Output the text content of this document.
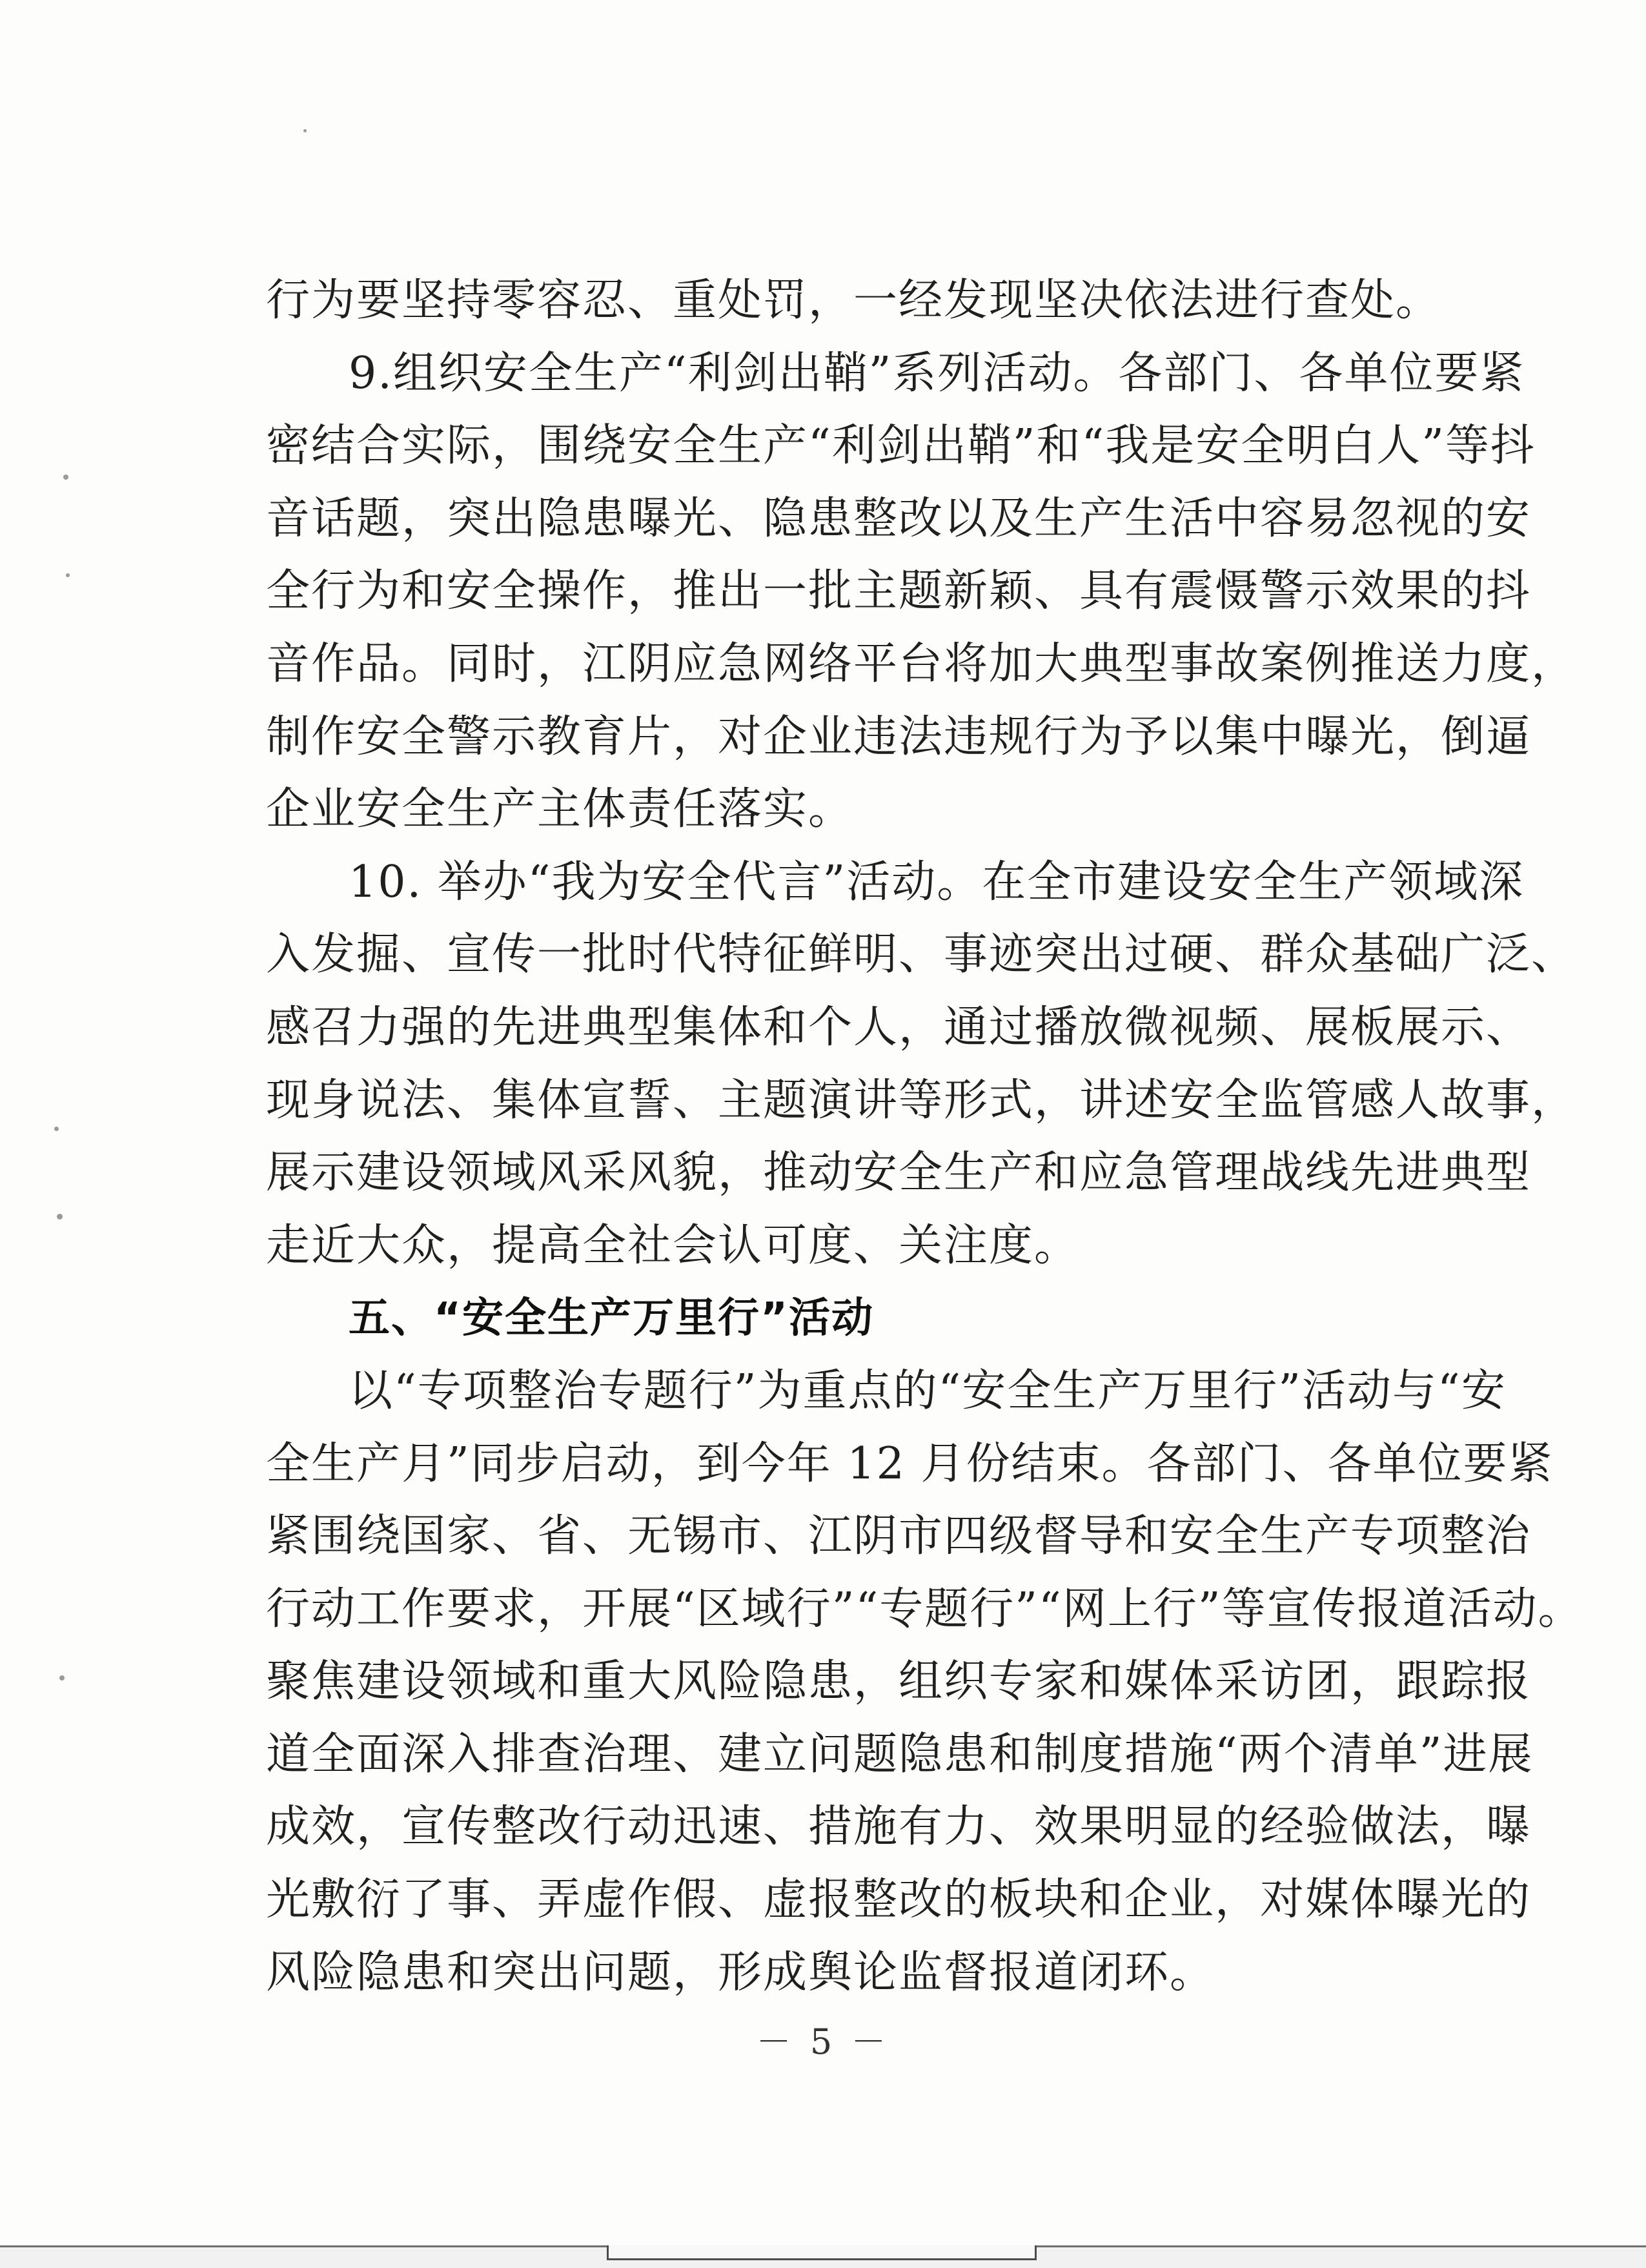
行为要坚持零容忍、重处罚，一经发现坚决依法进行查处。
9.组织安全生产“利剑出鞘”系列活动。各部门、各单位要紧
密结合实际，围绕安全生产“利剑出鞘”和“我是安全明白人”等抖
音话题，突出隐患曝光、隐患整改以及生产生活中容易忽视的安
全行为和安全操作，推出一批主题新颖、具有震慑警示效果的抖
音作品。同时，江阴应急网络平台将加大典型事故案例推送力度，
制作安全警示教育片，对企业违法违规行为予以集中曝光，倒逼
企业安全生产主体责任落实。
10. 举办“我为安全代言”活动。在全市建设安全生产领域深
入发掘、宣传一批时代特征鲜明、事迹突出过硬、群众基础广泛、
感召力强的先进典型集体和个人，通过播放微视频、展板展示、
现身说法、集体宣誓、主题演讲等形式，讲述安全监管感人故事，
展示建设领域风采风貌，推动安全生产和应急管理战线先进典型
走近大众，提高全社会认可度、关注度。
五、“安全生产万里行”活动
以“专项整治专题行”为重点的“安全生产万里行”活动与“安
全生产月”同步启动，到今年 12 月份结束。各部门、各单位要紧
紧围绕国家、省、无锡市、江阴市四级督导和安全生产专项整治
行动工作要求，开展“区域行”“专题行”“网上行”等宣传报道活动。
聚焦建设领域和重大风险隐患，组织专家和媒体采访团，跟踪报
道全面深入排查治理、建立问题隐患和制度措施“两个清单”进展
成效，宣传整改行动迅速、措施有力、效果明显的经验做法，曝
光敷衍了事、弄虚作假、虚报整改的板块和企业，对媒体曝光的
风险隐患和突出问题，形成舆论监督报道闭环。
－ 5 －
